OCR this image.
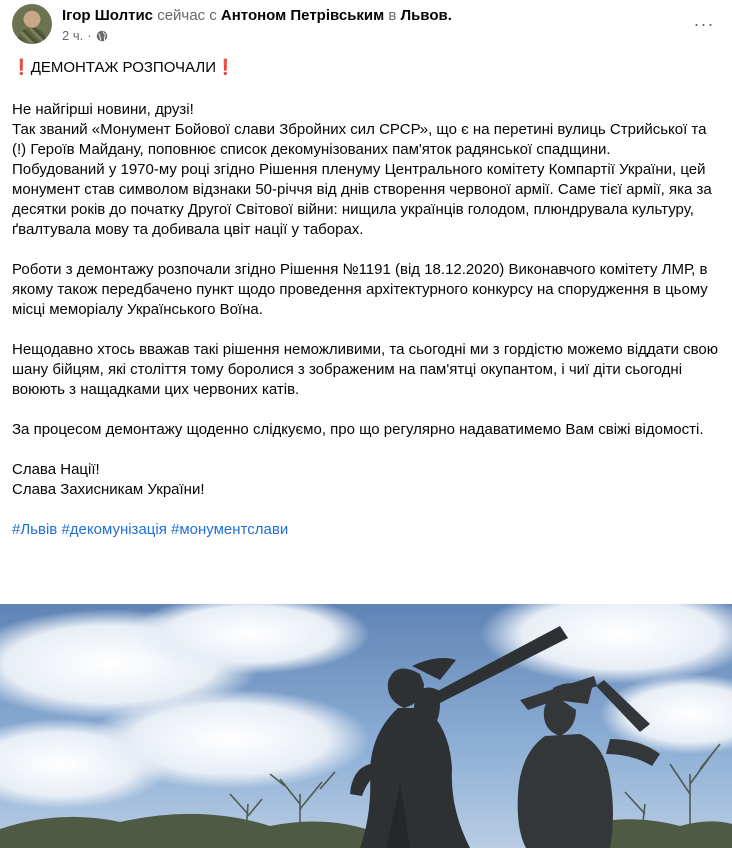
Ігор Шолтис сейчас с Антоном Петрівським в Львов.
2 ч. ·
···

❗ДЕМОНТАЖ РОЗПОЧАЛИ❗

Не найгірші новини, друзі!
Так званий «Монумент Бойової слави Збройних сил СРСР», що є на перетині вулиць Стрийської та (!) Героїв Майдану, поповнює список декомунізованих пам'яток радянської спадщини.
Побудований у 1970-му році згідно Рішення пленуму Центрального комітету Компартії України, цей монумент став символом відзнаки 50-річчя від днів створення червоної армії. Саме тієї армії, яка за десятки років до початку Другої Світової війни: нищила українців голодом, плюндрувала культуру, ґвалтувала мову та добивала цвіт нації у таборах.

Роботи з демонтажу розпочали згідно Рішення №1191 (від 18.12.2020) Виконавчого комітету ЛМР, в якому також передбачено пункт щодо проведення архітектурного конкурсу на спорудження в цьому місці меморіалу Українського Воїна.

Нещодавно хтось вважав такі рішення неможливими, та сьогодні ми з гордістю можемо віддати свою шану бійцям, які століття тому боролися з зображеним на пам'ятці окупантом, і чиї діти сьогодні воюють з нащадками цих червоних катів.

За процесом демонтажу щоденно слідкуємо, про що регулярно надаватимемо Вам свіжі відомості.

Слава Нації!
Слава Захисникам України!

#Львів #декомунізація #монументслави
